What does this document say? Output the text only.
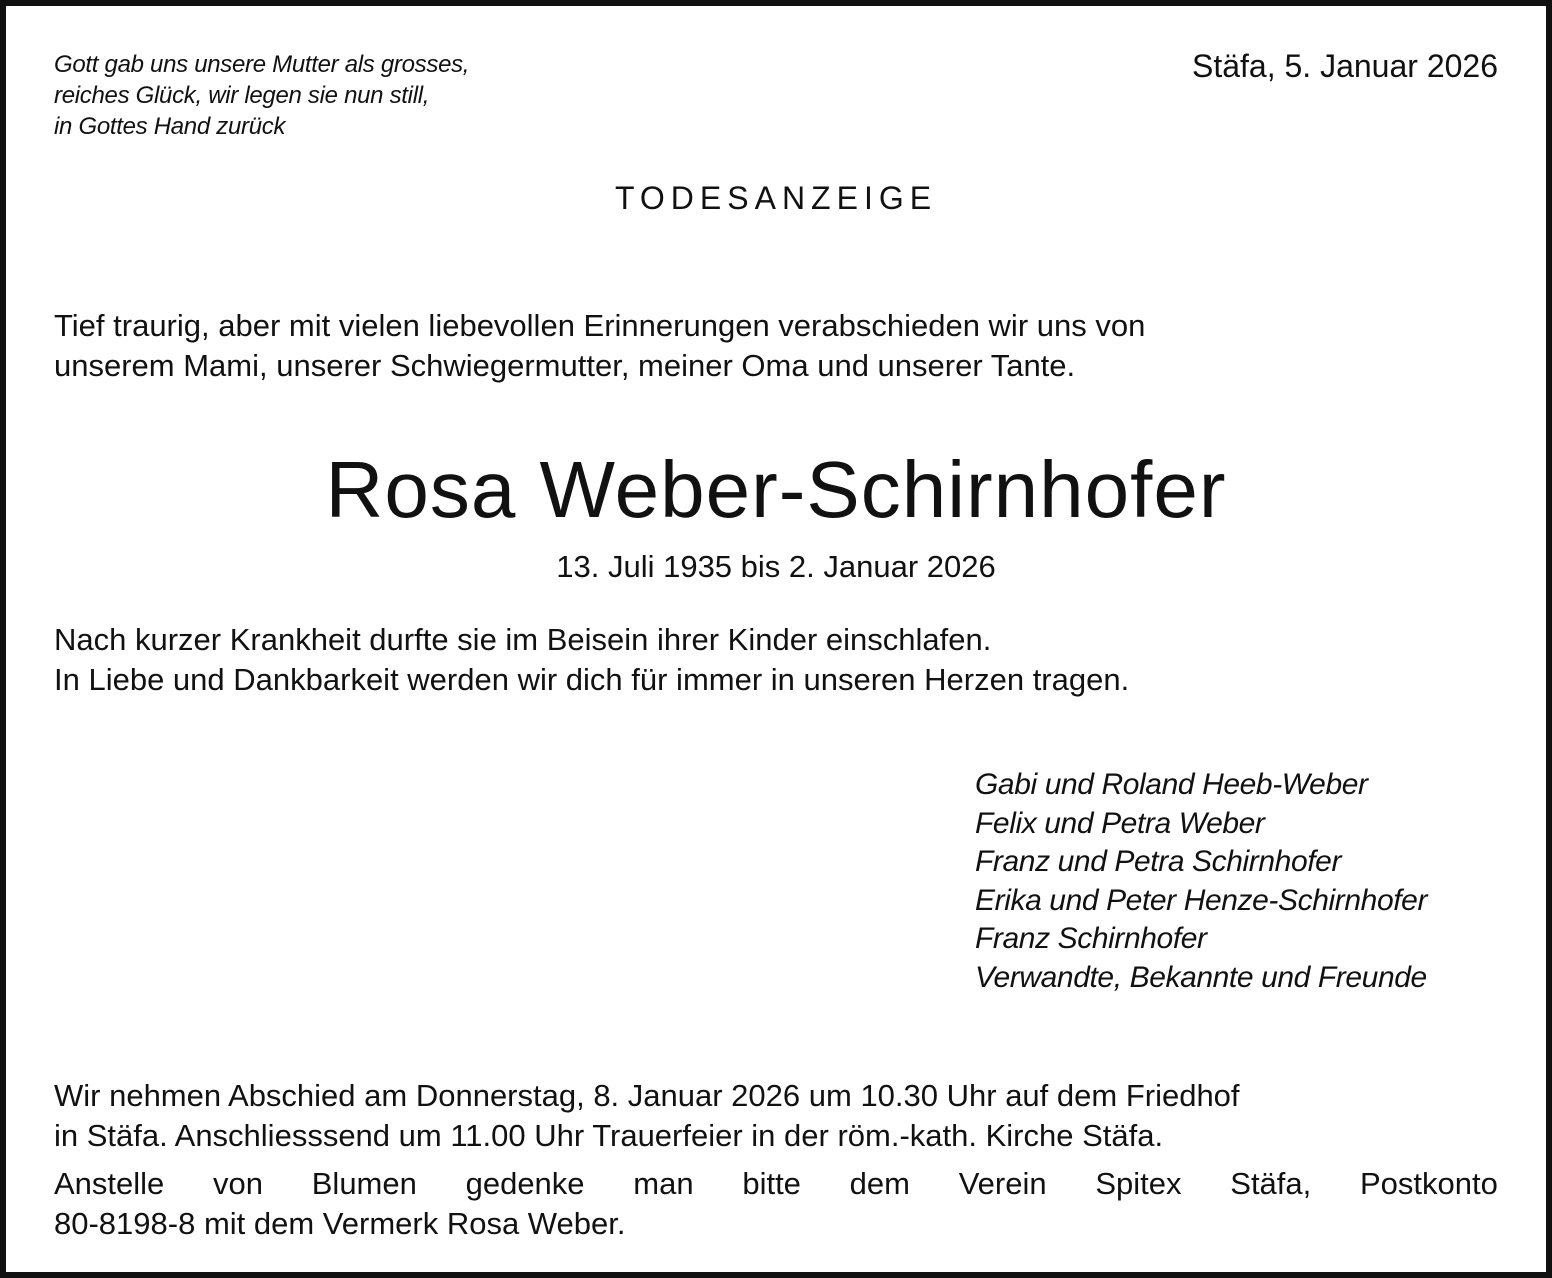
Gott gab uns unsere Mutter als grosses,
reiches Glück, wir legen sie nun still,
in Gottes Hand zurück
Stäfa, 5. Januar 2026
TODESANZEIGE
Tief traurig, aber mit vielen liebevollen Erinnerungen verabschieden wir uns von
unserem Mami, unserer Schwiegermutter, meiner Oma und unserer Tante.
Rosa Weber-Schirnhofer
13. Juli 1935 bis 2. Januar 2026
Nach kurzer Krankheit durfte sie im Beisein ihrer Kinder einschlafen.
In Liebe und Dankbarkeit werden wir dich für immer in unseren Herzen tragen.
Gabi und Roland Heeb-Weber
Felix und Petra Weber
Franz und Petra Schirnhofer
Erika und Peter Henze-Schirnhofer
Franz Schirnhofer
Verwandte, Bekannte und Freunde
Wir nehmen Abschied am Donnerstag, 8. Januar 2026 um 10.30 Uhr auf dem Friedhof
in Stäfa. Anschliesssend um 11.00 Uhr Trauerfeier in der röm.-kath. Kirche Stäfa.
Anstelle von Blumen gedenke man bitte dem Verein Spitex Stäfa, Postkonto
80-8198-8 mit dem Vermerk Rosa Weber.
